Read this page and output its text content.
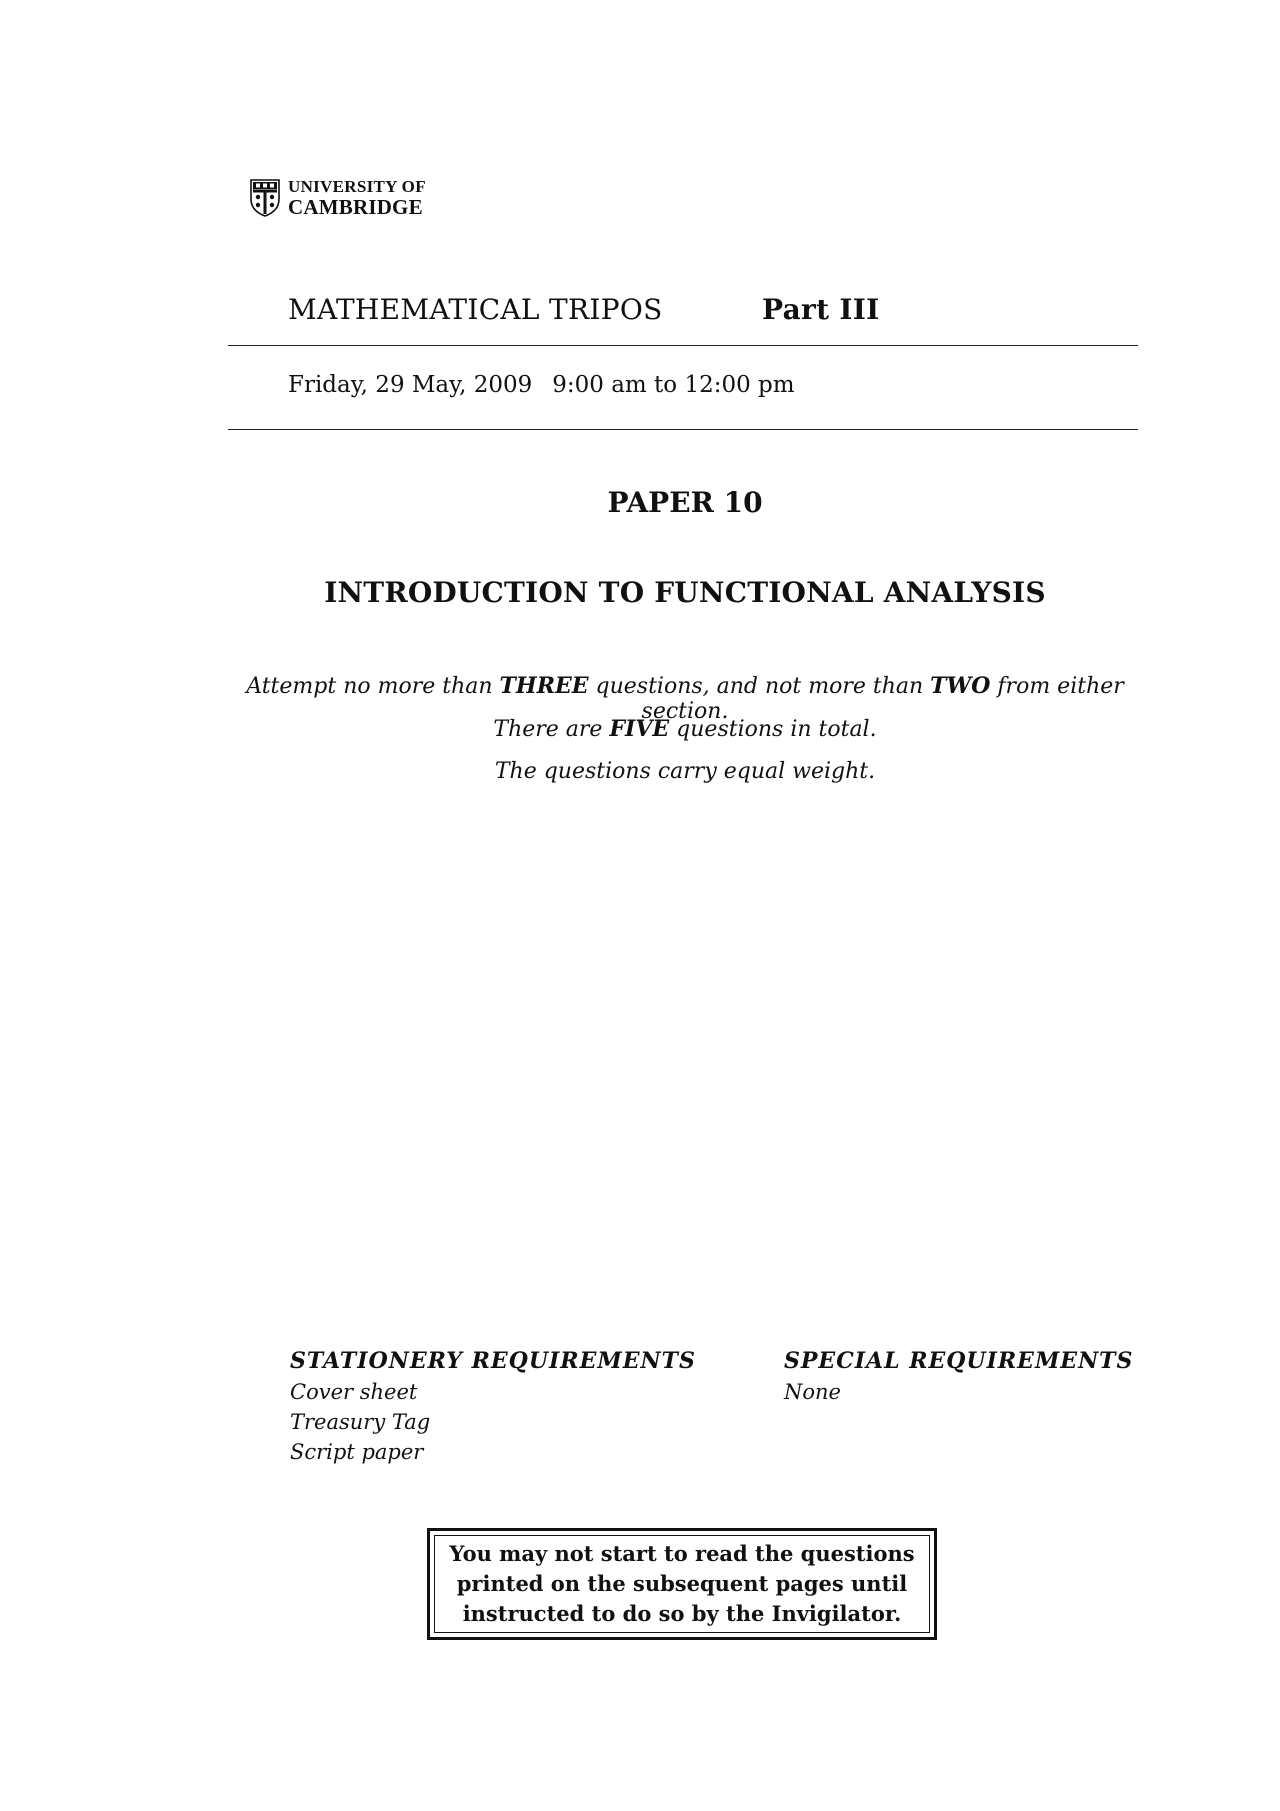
UNIVERSITY OF
CAMBRIDGE
MATHEMATICAL TRIPOS	Part III
Friday, 29 May, 2009 9:00 am to 12:00 pm
PAPER 10
INTRODUCTION TO FUNCTIONAL ANALYSIS
Attempt no more than THREE questions, and not more than TWO from either section.
There are FIVE questions in total.
The questions carry equal weight.
STATIONERY REQUIREMENTS	SPECIAL REQUIREMENTS
Cover sheet
Treasury Tag
Script paper
None
You may not start to read the questions
printed on the subsequent pages until
instructed to do so by the Invigilator.
